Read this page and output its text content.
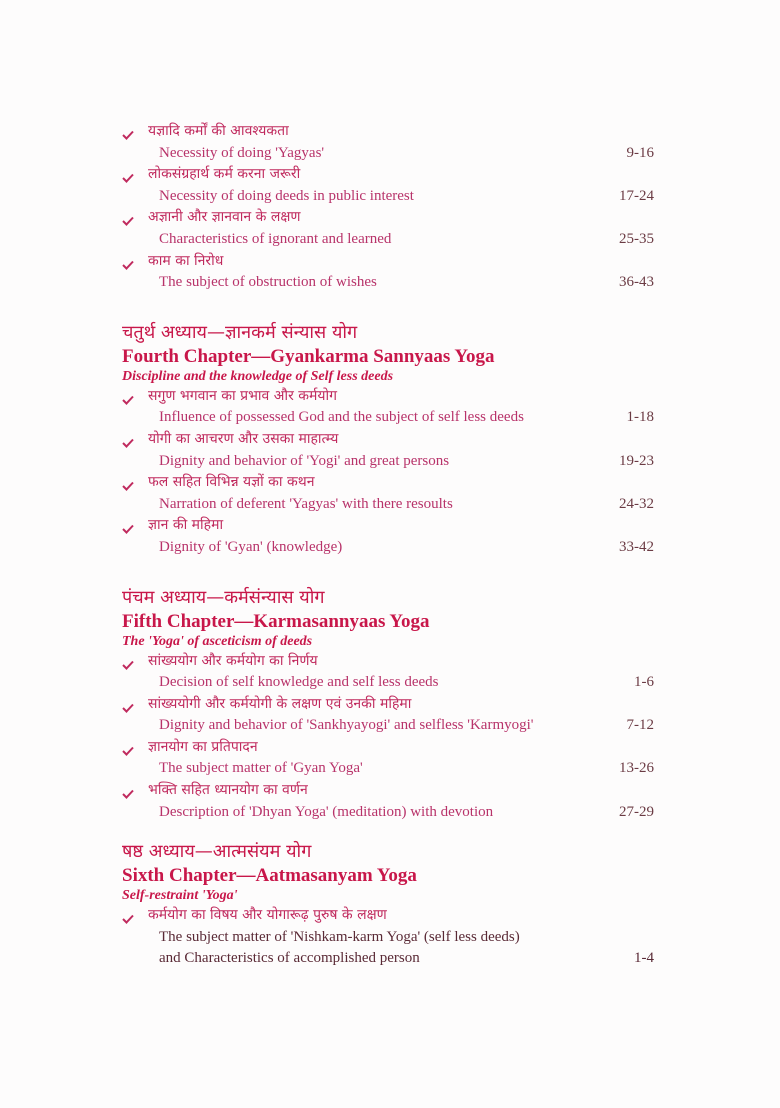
यज्ञादि कर्मों की आवश्यकता
Necessity of doing 'Yagyas'	9-16
लोकसंग्रहार्थ कर्म करना जरूरी
Necessity of doing deeds in public interest	17-24
अज्ञानी और ज्ञानवान के लक्षण
Characteristics of ignorant and learned	25-35
काम का निरोध
The subject of obstruction of wishes	36-43
चतुर्थ अध्याय—ज्ञानकर्म संन्यास योग
Fourth Chapter—Gyankarma Sannyaas Yoga
Discipline and the knowledge of Self less deeds
सगुण भगवान का प्रभाव और कर्मयोग
Influence of possessed God and the subject of self less deeds	1-18
योगी का आचरण और उसका माहात्म्य
Dignity and behavior of 'Yogi' and great persons	19-23
फल सहित विभिन्न यज्ञों का कथन
Narration of deferent 'Yagyas' with there resoults	24-32
ज्ञान की महिमा
Dignity of 'Gyan' (knowledge)	33-42
पंचम अध्याय—कर्मसंन्यास योग
Fifth Chapter—Karmasannyaas Yoga
The 'Yoga' of asceticism of deeds
सांख्ययोग और कर्मयोग का निर्णय
Decision of self knowledge and self less deeds	1-6
सांख्ययोगी और कर्मयोगी के लक्षण एवं उनकी महिमा
Dignity and behavior of 'Sankhyayogi' and selfless 'Karmyogi'	7-12
ज्ञानयोग का प्रतिपादन
The subject matter of 'Gyan Yoga'	13-26
भक्ति सहित ध्यानयोग का वर्णन
Description of 'Dhyan Yoga' (meditation) with devotion	27-29
षष्ठ अध्याय—आत्मसंयम योग
Sixth Chapter—Aatmasanyam Yoga
Self-restraint 'Yoga'
कर्मयोग का विषय और योगारूढ़ पुरुष के लक्षण
The subject matter of 'Nishkam-karm Yoga' (self less deeds)
and Characteristics of accomplished person	1-4
